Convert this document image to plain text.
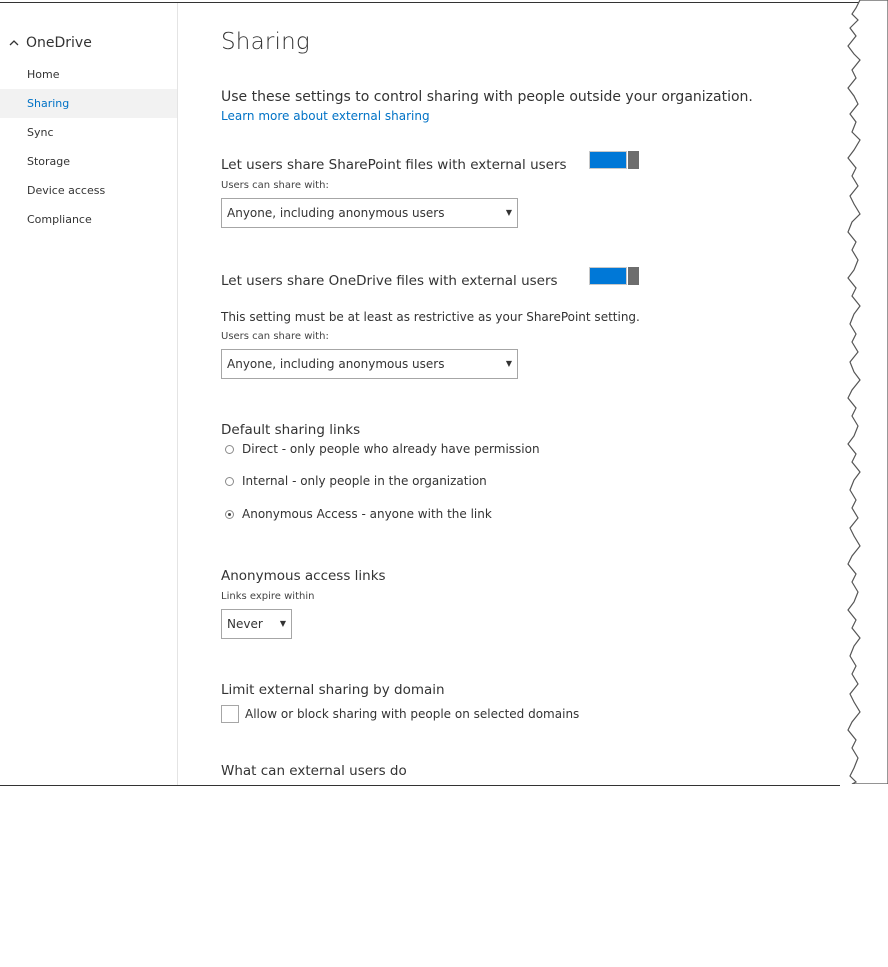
OneDrive
Home
Sharing
Sync
Storage
Device access
Compliance
Sharing
Use these settings to control sharing with people outside your organization.
Learn more about external sharing
Let users share SharePoint files with external users
Users can share with:
Anyone, including anonymous users	▼
Let users share OneDrive files with external users
This setting must be at least as restrictive as your SharePoint setting.
Users can share with:
Anyone, including anonymous users	▼
Default sharing links
Direct - only people who already have permission
Internal - only people in the organization
Anonymous Access - anyone with the link
Anonymous access links
Links expire within
Never ▼
Limit external sharing by domain
Allow or block sharing with people on selected domains
What can external users do
